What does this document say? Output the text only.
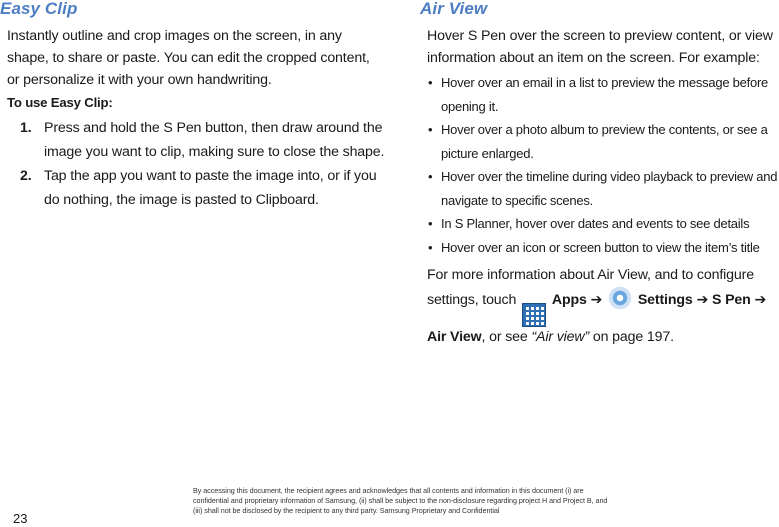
Easy Clip

Instantly outline and crop images on the screen, in any shape, to share or paste. You can edit the cropped content, or personalize it with your own handwriting.

To use Easy Clip:
1. Press and hold the S Pen button, then draw around the image you want to clip, making sure to close the shape.
2. Tap the app you want to paste the image into, or if you do nothing, the image is pasted to Clipboard.
Air View

Hover S Pen over the screen to preview content, or view information about an item on the screen. For example:

• Hover over an email in a list to preview the message before opening it.
• Hover over a photo album to preview the contents, or see a picture enlarged.
• Hover over the timeline during video playback to preview and navigate to specific scenes.
• In S Planner, hover over dates and events to see details
• Hover over an icon or screen button to view the item’s title

For more information about Air View, and to configure settings, touch	Apps ➔	Settings ➔ S Pen ➔ Air View, or see “Air view” on page 197.

23
By accessing this document, the recipient agrees and acknowledges that all contents and information in this document (i) are confidential and proprietary information of Samsung, (ii) shall be subject to the non-disclosure regarding project H and Project B, and (iii) shall not be disclosed by the recipient to any third party. Samsung Proprietary and Confidential
